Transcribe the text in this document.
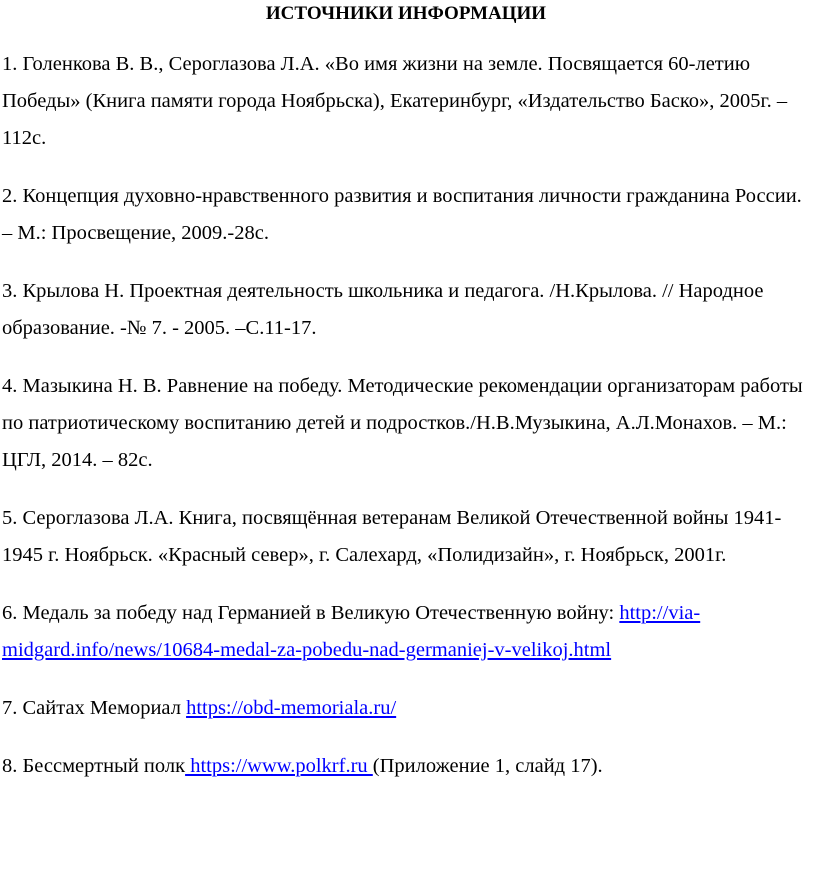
ИСТОЧНИКИ ИНФОРМАЦИИ

1. Голенкова В. В., Сероглазова Л.А. «Во имя жизни на земле. Посвящается 60-летию Победы» (Книга памяти города Ноябрьска), Екатеринбург, «Издательство Баско», 2005г. – 112с.

2. Концепция духовно-нравственного развития и воспитания личности гражданина России. – М.: Просвещение, 2009.-28с.

3. Крылова Н. Проектная деятельность школьника и педагога. /Н.Крылова. // Народное образование. -№ 7. - 2005. –С.11-17.

4. Мазыкина Н. В. Равнение на победу. Методические рекомендации организаторам работы по патриотическому воспитанию детей и подростков./Н.В.Музыкина, А.Л.Монахов. – М.: ЦГЛ, 2014. – 82с.

5. Сероглазова Л.А. Книга, посвящённая ветеранам Великой Отечественной войны 1941-1945 г. Ноябрьск. «Красный север», г. Салехард, «Полидизайн», г. Ноябрьск, 2001г.

6. Медаль за победу над Германией в Великую Отечественную войну: http://via-midgard.info/news/10684-medal-za-pobedu-nad-germaniej-v-velikoj.html

7. Сайтах Мемориал https://obd-memoriala.ru/

8. Бессмертный полк https://www.polkrf.ru (Приложение 1, слайд 17).
